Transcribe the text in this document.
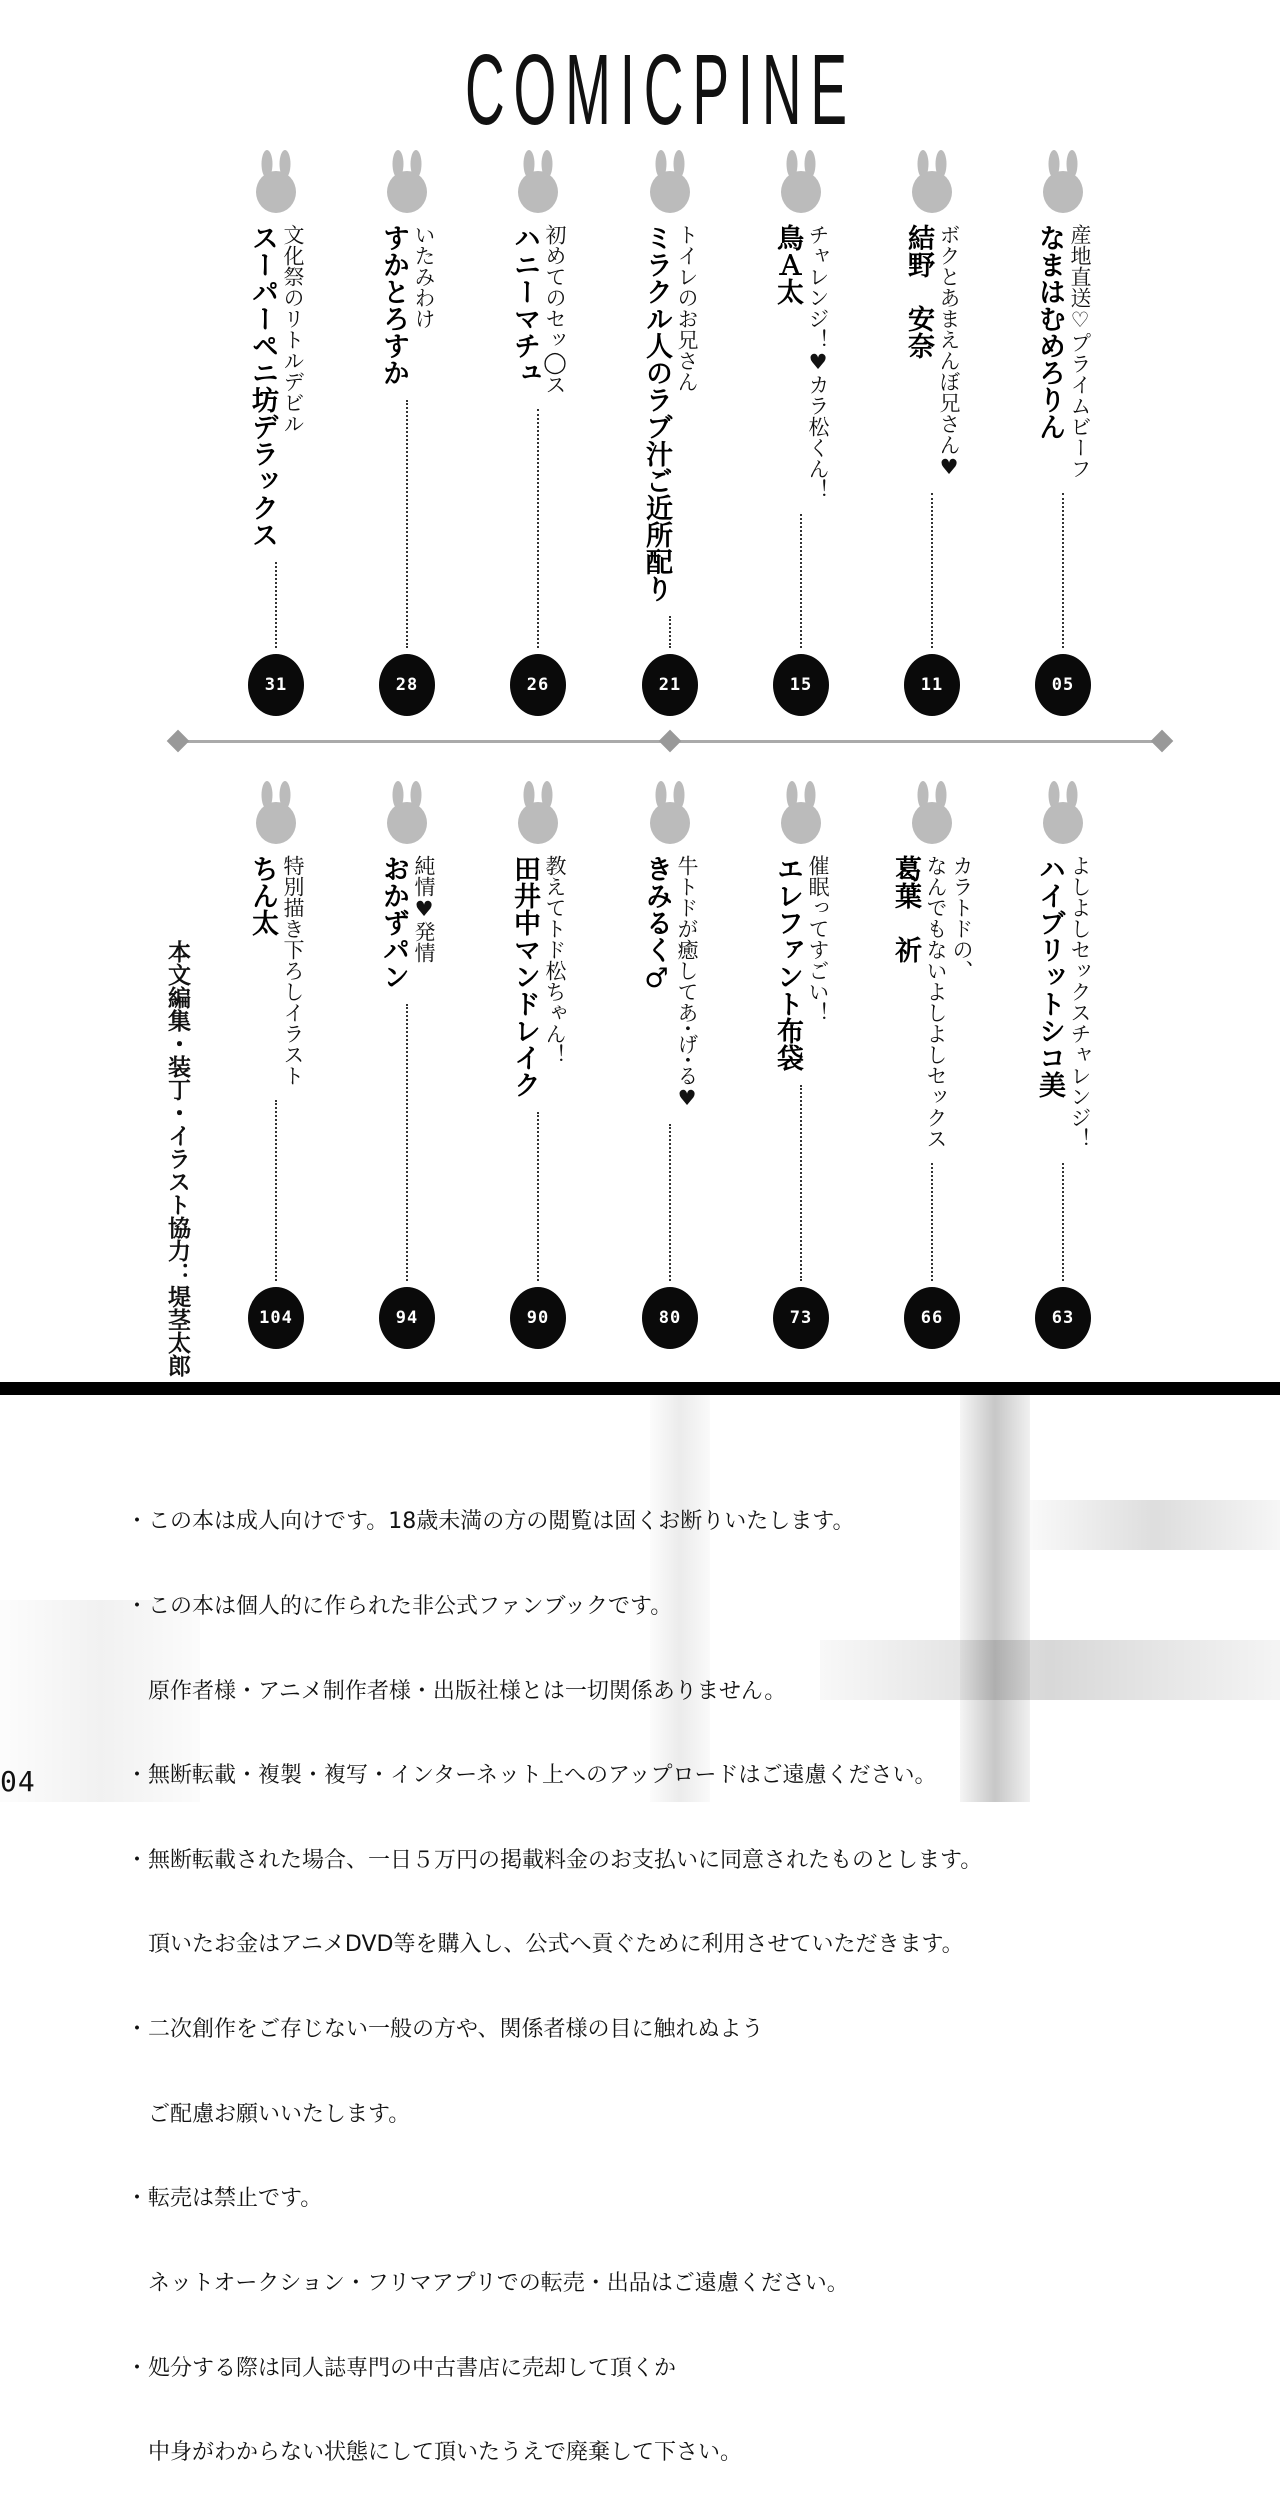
COMICPINE
スーパーペニ坊デラックス 文化祭のリトルデビル
31
すかとろすか いたみわけ
28
ハニーマチュ 初めてのセッ◯ス
26
ミラクル人のラブ汁ご近所配り トイレのお兄さん
21
鳥Ａ太 チャレンジ！♥カラ松くん！
15
結野　安奈 ボクとあまえんぼ兄さん♥
11
なまはむめろりん 産地直送♡プライムビーフ
05
ちん太 特別描き下ろしイラスト
104
おかずパン 純情♥発情
94
田井中マンドレイク 教えてトド松ちゃん！
90
きみるく♂ 牛トドが癒してあ･げ･る♥
80
エレファント布袋 催眠ってすごい！
73
葛葉　祈 カラトドの、
なんでもないよしよしセックス
66
ハイブリットシコ美 よしよしセックスチャレンジ！
63
本文編集・装丁・イラスト協力：堤茎太郎

・この本は成人向けです。18歳未満の方の閲覧は固くお断りいたします。

・この本は個人的に作られた非公式ファンブックです。

　原作者様・アニメ制作者様・出版社様とは一切関係ありません。

・無断転載・複製・複写・インターネット上へのアップロードはご遠慮ください。

・無断転載された場合、一日５万円の掲載料金のお支払いに同意されたものとします。

　頂いたお金はアニメDVD等を購入し、公式へ貢ぐために利用させていただきます。

・二次創作をご存じない一般の方や、関係者様の目に触れぬよう

　ご配慮お願いいたします。

・転売は禁止です。

　ネットオークション・フリマアプリでの転売・出品はご遠慮ください。

・処分する際は同人誌専門の中古書店に売却して頂くか

　中身がわからない状態にして頂いたうえで廃棄して下さい。

04
